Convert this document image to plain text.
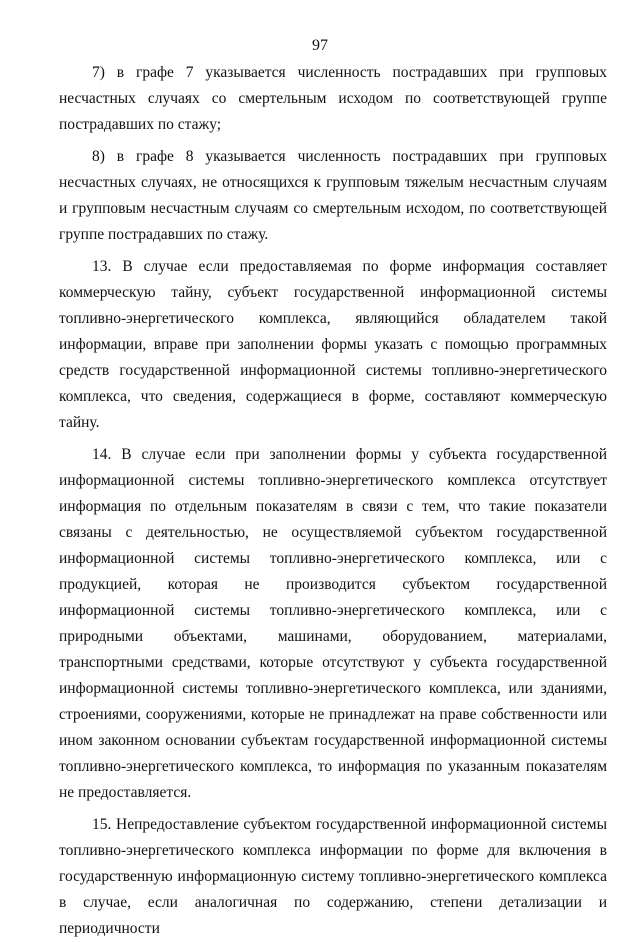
97

7) в графе 7 указывается численность пострадавших при групповых несчастных случаях со смертельным исходом по соответствующей группе пострадавших по стажу;

8) в графе 8 указывается численность пострадавших при групповых несчастных случаях, не относящихся к групповым тяжелым несчастным случаям и групповым несчастным случаям со смертельным исходом, по соответствующей группе пострадавших по стажу.

13. В случае если предоставляемая по форме информация составляет коммерческую тайну, субъект государственной информационной системы топливно-энергетического комплекса, являющийся обладателем такой информации, вправе при заполнении формы указать с помощью программных средств государственной информационной системы топливно-энергетического комплекса, что сведения, содержащиеся в форме, составляют коммерческую тайну.

14. В случае если при заполнении формы у субъекта государственной информационной системы топливно-энергетического комплекса отсутствует информация по отдельным показателям в связи с тем, что такие показатели связаны с деятельностью, не осуществляемой субъектом государственной информационной системы топливно-энергетического комплекса, или с продукцией, которая не производится субъектом государственной информационной системы топливно-энергетического комплекса, или с природными объектами, машинами, оборудованием, материалами, транспортными средствами, которые отсутствуют у субъекта государственной информационной системы топливно-энергетического комплекса, или зданиями, строениями, сооружениями, которые не принадлежат на праве собственности или ином законном основании субъектам государственной информационной системы топливно-энергетического комплекса, то информация по указанным показателям не предоставляется.

15. Непредоставление субъектом государственной информационной системы топливно-энергетического комплекса информации по форме для включения в государственную информационную систему топливно-энергетического комплекса в случае, если аналогичная по содержанию, степени детализации и периодичности
